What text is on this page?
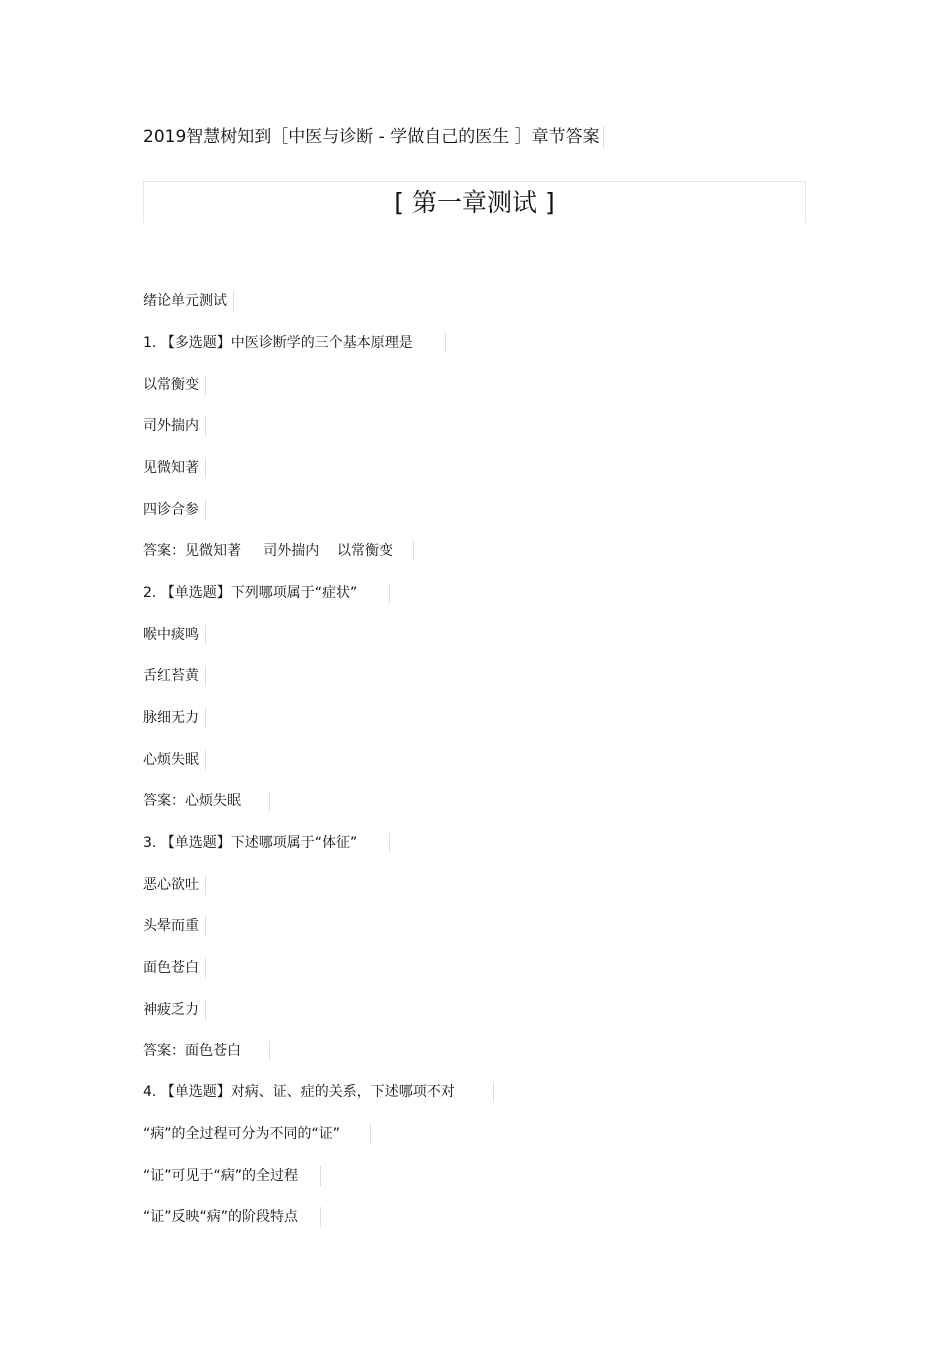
2019智慧树知到［中医与诊断 - 学做自己的医生 ］章节答案
[ 第一章测试 ]
绪论单元测试
1. 【多选题】中医诊断学的三个基本原理是
以常衡变
司外揣内
见微知著
四诊合参
答案：见微知著     司外揣内    以常衡变
2. 【单选题】下列哪项属于“症状”
喉中痰鸣
舌红苔黄
脉细无力
心烦失眠
答案：心烦失眠
3. 【单选题】下述哪项属于“体征”
恶心欲吐
头晕而重
面色苍白
神疲乏力
答案：面色苍白
4. 【单选题】对病、证、症的关系，下述哪项不对
“病”的全过程可分为不同的“证”
“证”可见于“病”的全过程
“证”反映“病”的阶段特点
